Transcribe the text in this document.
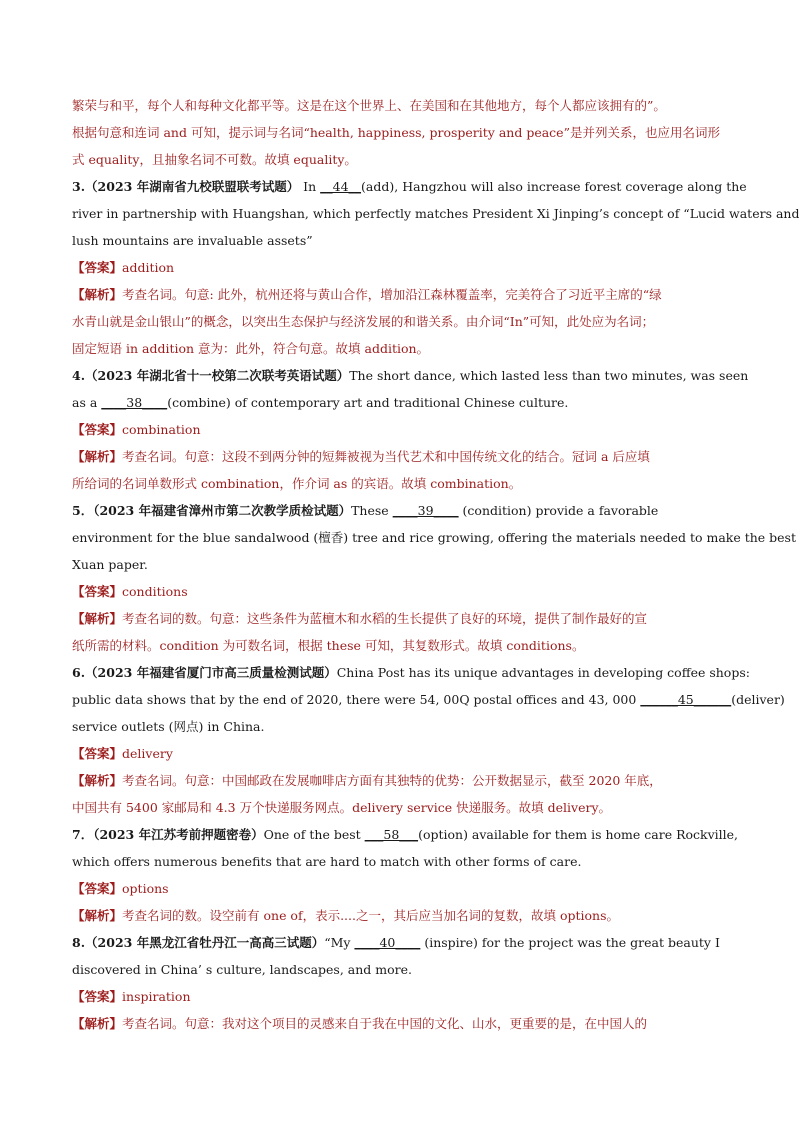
繁荣与和平，每个人和每种文化都平等。这是在这个世界上、在美国和在其他地方，每个人都应该拥有的”。
根据句意和连词 and 可知，提示词与名词“health, happiness, prosperity and peace”是并列关系，也应用名词形
式 equality，且抽象名词不可数。故填 equality。
3.（2023 年湖南省九校联盟联考试题） In __44__(add), Hangzhou will also increase forest coverage along the
river in partnership with Huangshan, which perfectly matches President Xi Jinping’s concept of “Lucid waters and
lush mountains are invaluable assets”
【答案】addition
【解析】考查名词。句意: 此外，杭州还将与黄山合作，增加沿江森林覆盖率，完美符合了习近平主席的“绿
水青山就是金山银山”的概念，以突出生态保护与经济发展的和谐关系。由介词“In”可知，此处应为名词；
固定短语 in addition 意为：此外，符合句意。故填 addition。
4.（2023 年湖北省十一校第二次联考英语试题）The short dance, which lasted less than two minutes, was seen
as a ____38____(combine) of contemporary art and traditional Chinese culture.
【答案】combination
【解析】考查名词。句意：这段不到两分钟的短舞被视为当代艺术和中国传统文化的结合。冠词 a 后应填
所给词的名词单数形式 combination，作介词 as 的宾语。故填 combination。
5．（2023 年福建省漳州市第二次教学质检试题）These ____39____ (condition) provide a favorable
environment for the blue sandalwood (檀香) tree and rice growing, offering the materials needed to make the best
Xuan paper.
【答案】conditions
【解析】考查名词的数。句意：这些条件为蓝檀木和水稻的生长提供了良好的环境，提供了制作最好的宣
纸所需的材料。condition 为可数名词，根据 these 可知，其复数形式。故填 conditions。
6.（2023 年福建省厦门市高三质量检测试题）China Post has its unique advantages in developing coffee shops:
public data shows that by the end of 2020, there were 54, 00Q postal offices and 43, 000 ______45______(deliver)
service outlets (网点) in China.
【答案】delivery
【解析】考查名词。句意：中国邮政在发展咖啡店方面有其独特的优势：公开数据显示，截至 2020 年底，
中国共有 5400 家邮局和 4.3 万个快递服务网点。delivery service 快递服务。故填 delivery。
7．（2023 年江苏考前押题密卷）One of the best ___58___(option) available for them is home care Rockville,
which offers numerous benefits that are hard to match with other forms of care.
【答案】options
【解析】考查名词的数。设空前有 one of，表示....之一，其后应当加名词的复数，故填 options。
8.（2023 年黑龙江省牡丹江一高高三试题）“My ____40____ (inspire) for the project was the great beauty I
discovered in China’ s culture, landscapes, and more.
【答案】inspiration
【解析】考查名词。句意：我对这个项目的灵感来自于我在中国的文化、山水，更重要的是，在中国人的
